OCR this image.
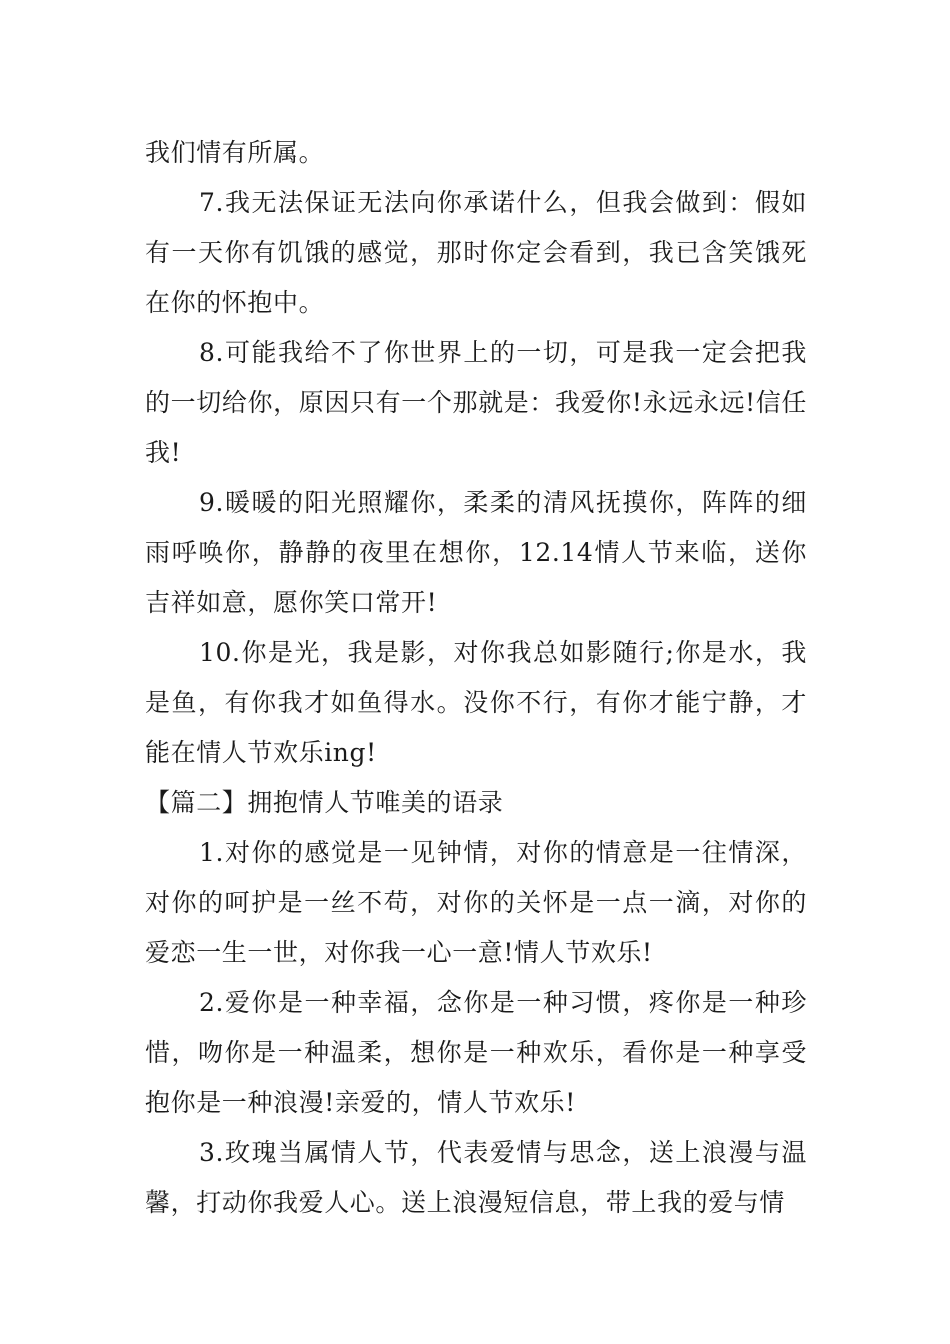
我们情有所属。

7.我无法保证无法向你承诺什么，但我会做到：假如有一天你有饥饿的感觉，那时你定会看到，我已含笑饿死在你的怀抱中。

8.可能我给不了你世界上的一切，可是我一定会把我的一切给你，原因只有一个那就是：我爱你!永远永远!信任我!

9.暖暖的阳光照耀你，柔柔的清风抚摸你，阵阵的细雨呼唤你，静静的夜里在想你，12.14情人节来临，送你吉祥如意，愿你笑口常开!

10.你是光，我是影，对你我总如影随行;你是水，我是鱼，有你我才如鱼得水。没你不行，有你才能宁静，才能在情人节欢乐ing!

【篇二】拥抱情人节唯美的语录

1.对你的感觉是一见钟情，对你的情意是一往情深，对你的呵护是一丝不苟，对你的关怀是一点一滴，对你的爱恋一生一世，对你我一心一意!情人节欢乐!

2.爱你是一种幸福，念你是一种习惯，疼你是一种珍惜，吻你是一种温柔，想你是一种欢乐，看你是一种享受抱你是一种浪漫!亲爱的，情人节欢乐!

3.玫瑰当属情人节，代表爱情与思念，送上浪漫与温馨，打动你我爱人心。送上浪漫短信息，带上我的爱与情
